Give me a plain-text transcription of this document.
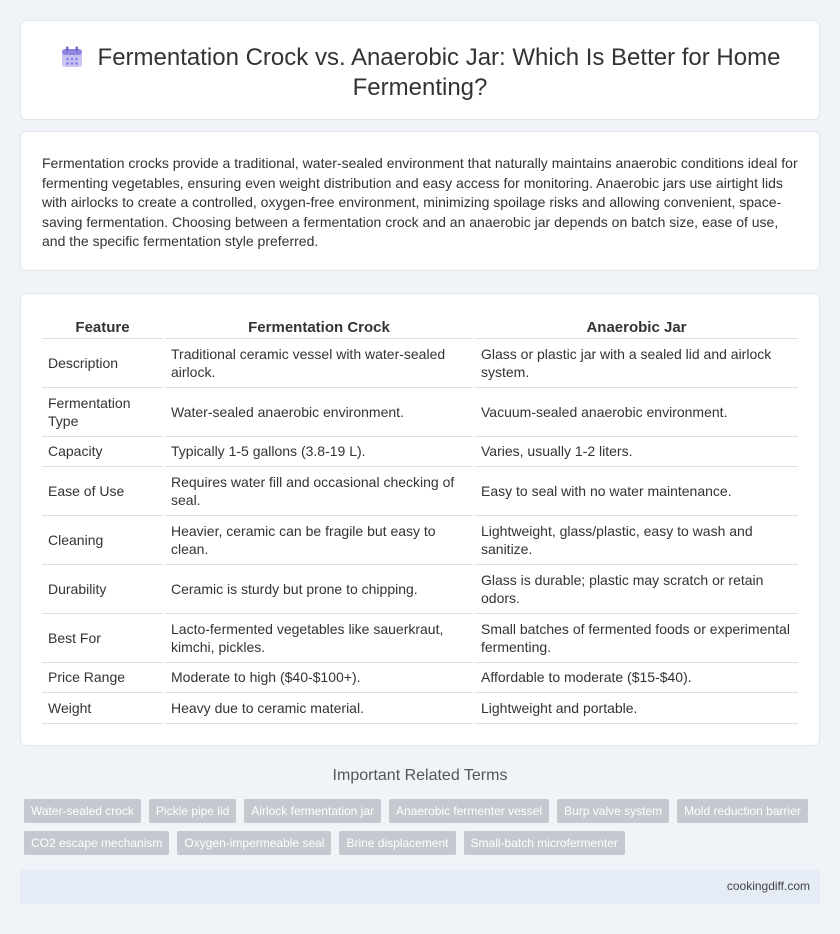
Fermentation Crock vs. Anaerobic Jar: Which Is Better for Home Fermenting?

Fermentation crocks provide a traditional, water-sealed environment that naturally maintains anaerobic conditions ideal for fermenting vegetables, ensuring even weight distribution and easy access for monitoring. Anaerobic jars use airtight lids with airlocks to create a controlled, oxygen-free environment, minimizing spoilage risks and allowing convenient, space-saving fermentation. Choosing between a fermentation crock and an anaerobic jar depends on batch size, ease of use, and the specific fermentation style preferred.

Feature	Fermentation Crock	Anaerobic Jar
Description	Traditional ceramic vessel with water-sealed airlock.	Glass or plastic jar with a sealed lid and airlock system.
Fermentation Type	Water-sealed anaerobic environment.	Vacuum-sealed anaerobic environment.
Capacity	Typically 1-5 gallons (3.8-19 L).	Varies, usually 1-2 liters.
Ease of Use	Requires water fill and occasional checking of seal.	Easy to seal with no water maintenance.
Cleaning	Heavier, ceramic can be fragile but easy to clean.	Lightweight, glass/plastic, easy to wash and sanitize.
Durability	Ceramic is sturdy but prone to chipping.	Glass is durable; plastic may scratch or retain odors.
Best For	Lacto-fermented vegetables like sauerkraut, kimchi, pickles.	Small batches of fermented foods or experimental fermenting.
Price Range	Moderate to high ($40-$100+).	Affordable to moderate ($15-$40).
Weight	Heavy due to ceramic material.	Lightweight and portable.
Important Related Terms
Water-sealed crock	Pickle pipe lid	Airlock fermentation jar	Anaerobic fermenter vessel	Burp valve system	Mold reduction barrier
CO2 escape mechanism	Oxygen-impermeable seal	Brine displacement	Small-batch microfermenter
cookingdiff.com
